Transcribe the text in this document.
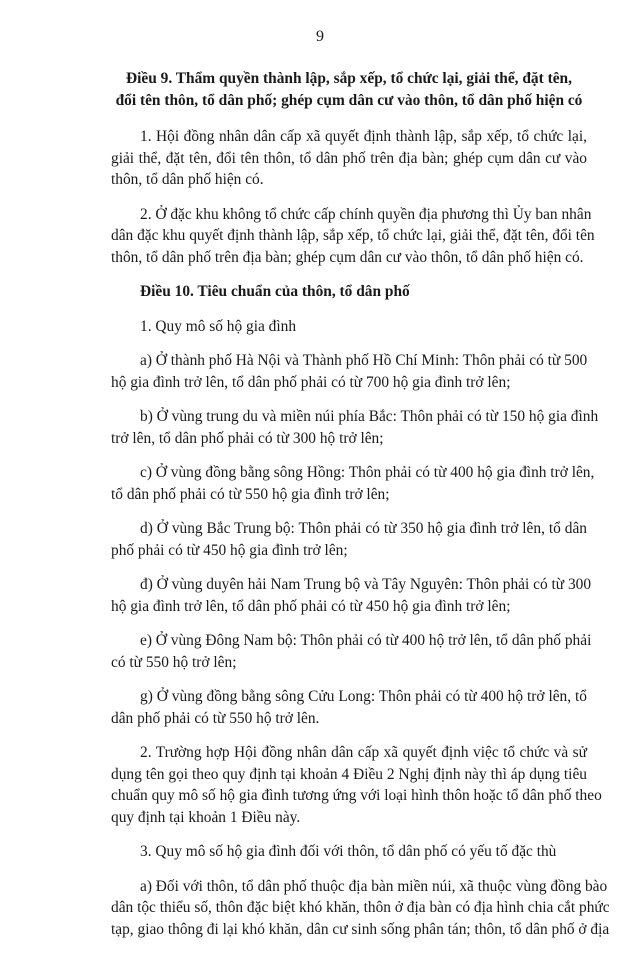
9
Điều 9. Thẩm quyền thành lập, sắp xếp, tổ chức lại, giải thể, đặt tên,
đổi tên thôn, tổ dân phố; ghép cụm dân cư vào thôn, tổ dân phố hiện có
1. Hội đồng nhân dân cấp xã quyết định thành lập, sắp xếp, tổ chức lại,
giải thể, đặt tên, đổi tên thôn, tổ dân phố trên địa bàn; ghép cụm dân cư vào
thôn, tổ dân phố hiện có.
2. Ở đặc khu không tổ chức cấp chính quyền địa phương thì Ủy ban nhân
dân đặc khu quyết định thành lập, sắp xếp, tổ chức lại, giải thể, đặt tên, đổi tên
thôn, tổ dân phố trên địa bàn; ghép cụm dân cư vào thôn, tổ dân phố hiện có.
Điều 10. Tiêu chuẩn của thôn, tổ dân phố
1. Quy mô số hộ gia đình
a) Ở thành phố Hà Nội và Thành phố Hồ Chí Minh: Thôn phải có từ 500
hộ gia đình trở lên, tổ dân phố phải có từ 700 hộ gia đình trở lên;
b) Ở vùng trung du và miền núi phía Bắc: Thôn phải có từ 150 hộ gia đình
trở lên, tổ dân phố phải có từ 300 hộ trở lên;
c) Ở vùng đồng bằng sông Hồng: Thôn phải có từ 400 hộ gia đình trở lên,
tổ dân phố phải có từ 550 hộ gia đình trở lên;
d) Ở vùng Bắc Trung bộ: Thôn phải có từ 350 hộ gia đình trở lên, tổ dân
phố phải có từ 450 hộ gia đình trở lên;
đ) Ở vùng duyên hải Nam Trung bộ và Tây Nguyên: Thôn phải có từ 300
hộ gia đình trở lên, tổ dân phố phải có từ 450 hộ gia đình trở lên;
e) Ở vùng Đông Nam bộ: Thôn phải có từ 400 hộ trở lên, tổ dân phố phải
có từ 550 hộ trở lên;
g) Ở vùng đồng bằng sông Cửu Long: Thôn phải có từ 400 hộ trở lên, tổ
dân phố phải có từ 550 hộ trở lên.
2. Trường hợp Hội đồng nhân dân cấp xã quyết định việc tổ chức và sử
dụng tên gọi theo quy định tại khoản 4 Điều 2 Nghị định này thì áp dụng tiêu
chuẩn quy mô số hộ gia đình tương ứng với loại hình thôn hoặc tổ dân phố theo
quy định tại khoản 1 Điều này.
3. Quy mô số hộ gia đình đối với thôn, tổ dân phố có yếu tố đặc thù
a) Đối với thôn, tổ dân phố thuộc địa bàn miền núi, xã thuộc vùng đồng bào
dân tộc thiểu số, thôn đặc biệt khó khăn, thôn ở địa bàn có địa hình chia cắt phức
tạp, giao thông đi lại khó khăn, dân cư sinh sống phân tán; thôn, tổ dân phố ở địa
